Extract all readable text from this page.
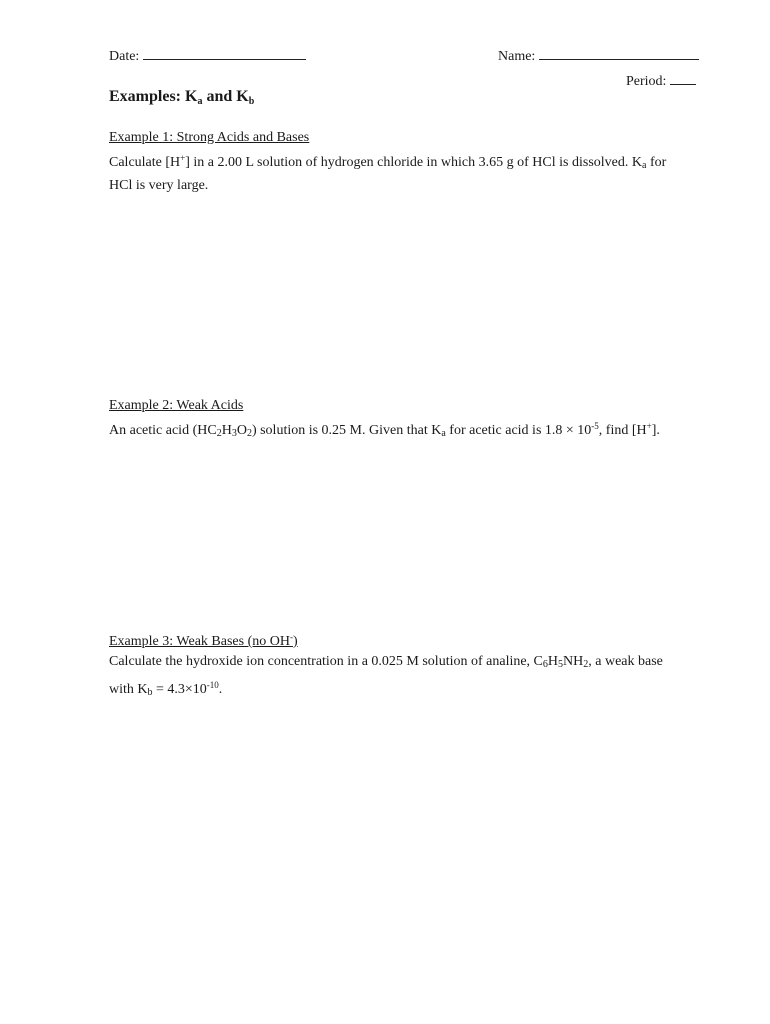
Date:	Name:
Period:
Examples: $K_a$ and $K_b$
Example 1: Strong Acids and Bases
Calculate [H+] in a 2.00 L solution of hydrogen chloride in which 3.65 g of HCl is dissolved. Ka for HCl is very large.
Example 2: Weak Acids
An acetic acid (HC2H3O2) solution is 0.25 M. Given that Ka for acetic acid is $1.8 \times 10^{-5}$, find [H+].
Example 3: Weak Bases (no OH-)
Calculate the hydroxide ion concentration in a 0.025 M solution of analine, C6H5NH2, a weak base with $Kb = 4.3\times 10^{-10}$.
